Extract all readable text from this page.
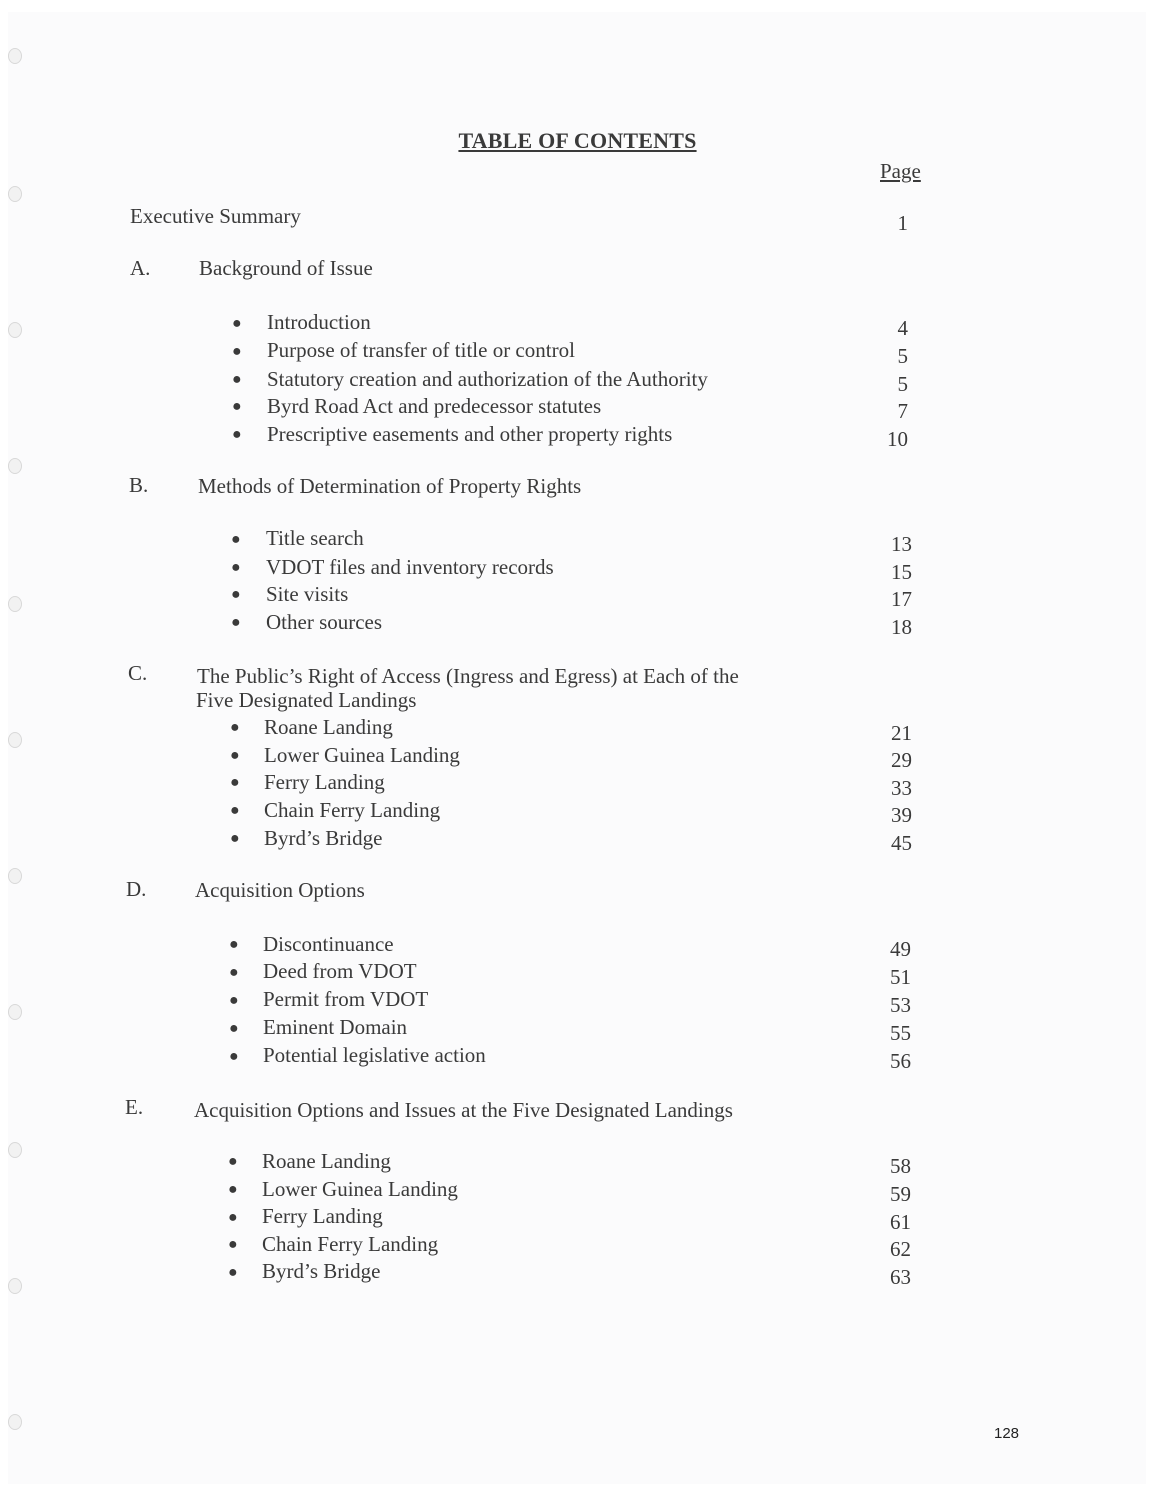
TABLE OF CONTENTS
Page
Executive Summary	1
A. Background of Issue
● Introduction	4
● Purpose of transfer of title or control	5
● Statutory creation and authorization of the Authority	5
● Byrd Road Act and predecessor statutes	7
● Prescriptive easements and other property rights	10
B. Methods of Determination of Property Rights
● Title search	13
● VDOT files and inventory records	15
● Site visits	17
● Other sources	18
C. The Public’s Right of Access (Ingress and Egress) at Each of the
Five Designated Landings
● Roane Landing	21
● Lower Guinea Landing	29
● Ferry Landing	33
● Chain Ferry Landing	39
● Byrd’s Bridge	45
D. Acquisition Options
● Discontinuance	49
● Deed from VDOT	51
● Permit from VDOT	53
● Eminent Domain	55
● Potential legislative action	56
E. Acquisition Options and Issues at the Five Designated Landings
● Roane Landing	58
● Lower Guinea Landing	59
● Ferry Landing	61
● Chain Ferry Landing	62
● Byrd’s Bridge	63
128
